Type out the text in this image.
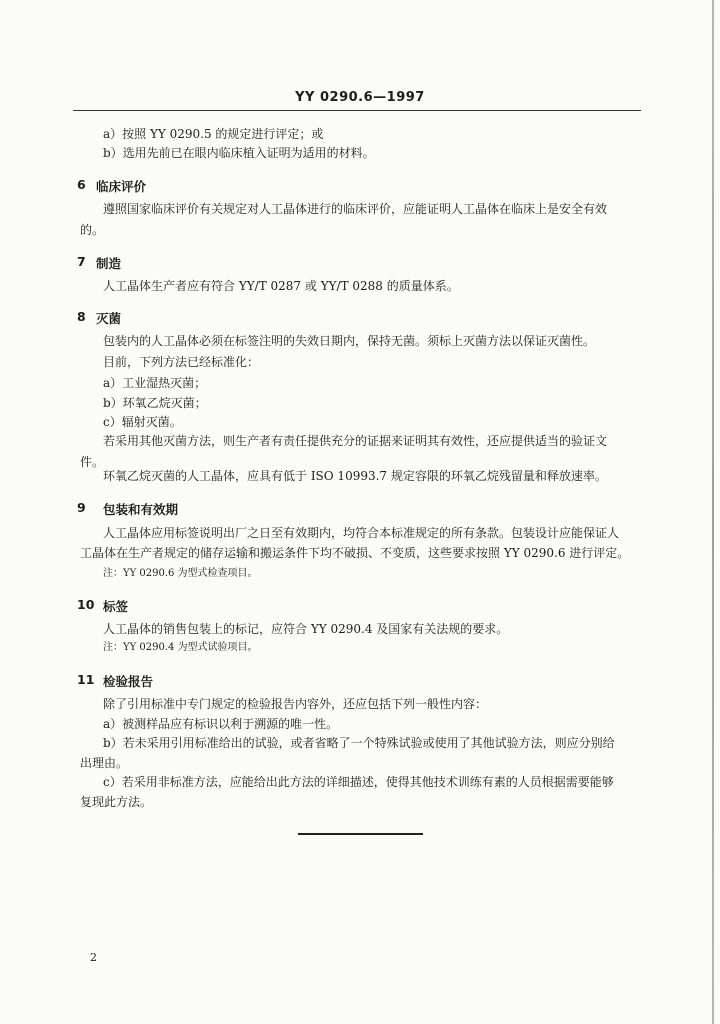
YY 0290.6—1997
a）按照 YY 0290.5 的规定进行评定；或
b）选用先前已在眼内临床植入证明为适用的材料。
6 临床评价
遵照国家临床评价有关规定对人工晶体进行的临床评价，应能证明人工晶体在临床上是安全有效
的。
7 制造
人工晶体生产者应有符合 YY/T 0287 或 YY/T 0288 的质量体系。
8 灭菌
包装内的人工晶体必须在标签注明的失效日期内，保持无菌。须标上灭菌方法以保证灭菌性。
目前，下列方法已经标准化：
a）工业湿热灭菌；
b）环氧乙烷灭菌；
c）辐射灭菌。
若采用其他灭菌方法，则生产者有责任提供充分的证据来证明其有效性，还应提供适当的验证文
件。
环氧乙烷灭菌的人工晶体，应具有低于 ISO 10993.7 规定容限的环氧乙烷残留量和释放速率。
9 包装和有效期
人工晶体应用标签说明出厂之日至有效期内，均符合本标准规定的所有条款。包装设计应能保证人
工晶体在生产者规定的储存运输和搬运条件下均不破损、不变质，这些要求按照 YY 0290.6 进行评定。
注：YY 0290.6 为型式检查项目。
10 标签
人工晶体的销售包装上的标记，应符合 YY 0290.4 及国家有关法规的要求。
注：YY 0290.4 为型式试验项目。
11 检验报告
除了引用标准中专门规定的检验报告内容外，还应包括下列一般性内容：
a）被测样品应有标识以利于溯源的唯一性。
b）若未采用引用标准给出的试验，或者省略了一个特殊试验或使用了其他试验方法，则应分别给
出理由。
c）若采用非标准方法，应能给出此方法的详细描述，使得其他技术训练有素的人员根据需要能够
复现此方法。
2
